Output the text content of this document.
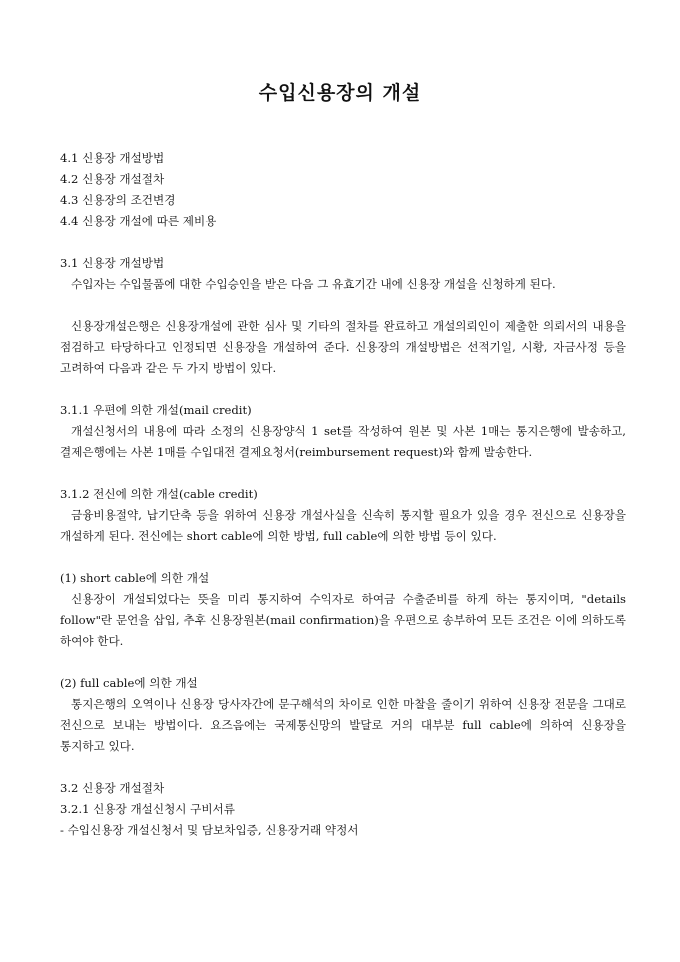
수입신용장의 개설

4.1 신용장 개설방법

4.2 신용장 개설절차

4.3 신용장의 조건변경

4.4 신용장 개설에 따른 제비용

3.1 신용장 개설방법

수입자는 수입물품에 대한 수입승인을 받은 다음 그 유효기간 내에 신용장 개설을 신청하게 된다.

신용장개설은행은 신용장개설에 관한 심사 및 기타의 절차를 완료하고 개설의뢰인이 제출한 의뢰서의 내용을 점검하고 타당하다고 인정되면 신용장을 개설하여 준다. 신용장의 개설방법은 선적기일, 시황, 자금사정 등을 고려하여 다음과 같은 두 가지 방법이 있다.

3.1.1 우편에 의한 개설(mail credit)

개설신청서의 내용에 따라 소정의 신용장양식 1 set를 작성하여 원본 및 사본 1매는 통지은행에 발송하고, 결제은행에는 사본 1매를 수입대전 결제요청서(reimbursement request)와 함께 발송한다.

3.1.2 전신에 의한 개설(cable credit)

금융비용절약, 납기단축 등을 위하여 신용장 개설사실을 신속히 통지할 필요가 있을 경우 전신으로 신용장을 개설하게 된다. 전신에는 short cable에 의한 방법, full cable에 의한 방법 등이 있다.

(1) short cable에 의한 개설

신용장이 개설되었다는 뜻을 미리 통지하여 수익자로 하여금 수출준비를 하게 하는 통지이며, "details follow"란 문언을 삽입, 추후 신용장원본(mail confirmation)을 우편으로 송부하여 모든 조건은 이에 의하도록 하여야 한다.

(2) full cable에 의한 개설

통지은행의 오역이나 신용장 당사자간에 문구해석의 차이로 인한 마찰을 줄이기 위하여 신용장 전문을 그대로 전신으로 보내는 방법이다. 요즈음에는 국제통신망의 발달로 거의 대부분 full cable에 의하여 신용장을 통지하고 있다.

3.2 신용장 개설절차

3.2.1 신용장 개설신청시 구비서류

- 수입신용장 개설신청서 및 담보차입증, 신용장거래 약정서
